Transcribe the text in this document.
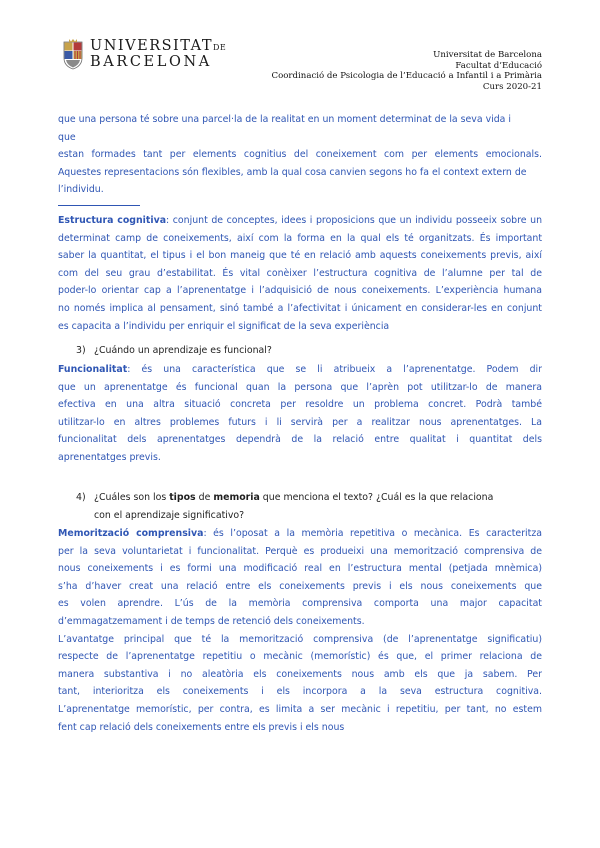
UNIVERSITATDE
BARCELONA	Universitat de Barcelona
Facultat d’Educació
Coordinació de Psicologia de l’Educació a Infantil i a Primària
Curs 2020-21
que una persona té sobre una parcel·la de la realitat en un moment determinat de la seva vida i
que
estan formades tant per elements cognitius del coneixement com per elements emocionals.
Aquestes representacions són flexibles, amb la qual cosa canvien segons ho fa el context extern de
l’individu.
Estructura cognitiva: conjunt de conceptes, idees i proposicions que un individu posseeix sobre un
determinat camp de coneixements, així com la forma en la qual els té organitzats. És important
saber la quantitat, el tipus i el bon maneig que té en relació amb aquests coneixements previs, així
com del seu grau d’estabilitat. És vital conèixer l’estructura cognitiva de l’alumne per tal de
poder-lo orientar cap a l’aprenentatge i l’adquisició de nous coneixements. L’experiència humana
no només implica al pensament, sinó també a l’afectivitat i únicament en considerar-les en conjunt
es capacita a l’individu per enriquir el significat de la seva experiència
3) ¿Cuándo un aprendizaje es funcional?
Funcionalitat: és una característica que se li atribueix a l’aprenentatge. Podem dir
que un aprenentatge és funcional quan la persona que l’aprèn pot utilitzar-lo de manera
efectiva en una altra situació concreta per resoldre un problema concret. Podrà també
utilitzar-lo en altres problemes futurs i li servirà per a realitzar nous aprenentatges. La
funcionalitat dels aprenentatges dependrà de la relació entre qualitat i quantitat dels
aprenentatges previs.
4) ¿Cuáles son los tipos de memoria que menciona el texto? ¿Cuál es la que relaciona
con el aprendizaje significativo?
Memorització comprensiva: és l’oposat a la memòria repetitiva o mecànica. Es caracteritza
per la seva voluntarietat i funcionalitat. Perquè es produeixi una memorització comprensiva de
nous coneixements i es formi una modificació real en l’estructura mental (petjada mnèmica)
s’ha d’haver creat una relació entre els coneixements previs i els nous coneixements que
es volen aprendre. L’ús de la memòria comprensiva comporta una major capacitat
d’emmagatzemament i de temps de retenció dels coneixements.
L’avantatge principal que té la memorització comprensiva (de l’aprenentatge significatiu)
respecte de l’aprenentatge repetitiu o mecànic (memorístic) és que, el primer relaciona de
manera substantiva i no aleatòria els coneixements nous amb els que ja sabem. Per
tant, interioritza els coneixements i els incorpora a la seva estructura cognitiva.
L’aprenentatge memorístic, per contra, es limita a ser mecànic i repetitiu, per tant, no estem
fent cap relació dels coneixements entre els previs i els nous
